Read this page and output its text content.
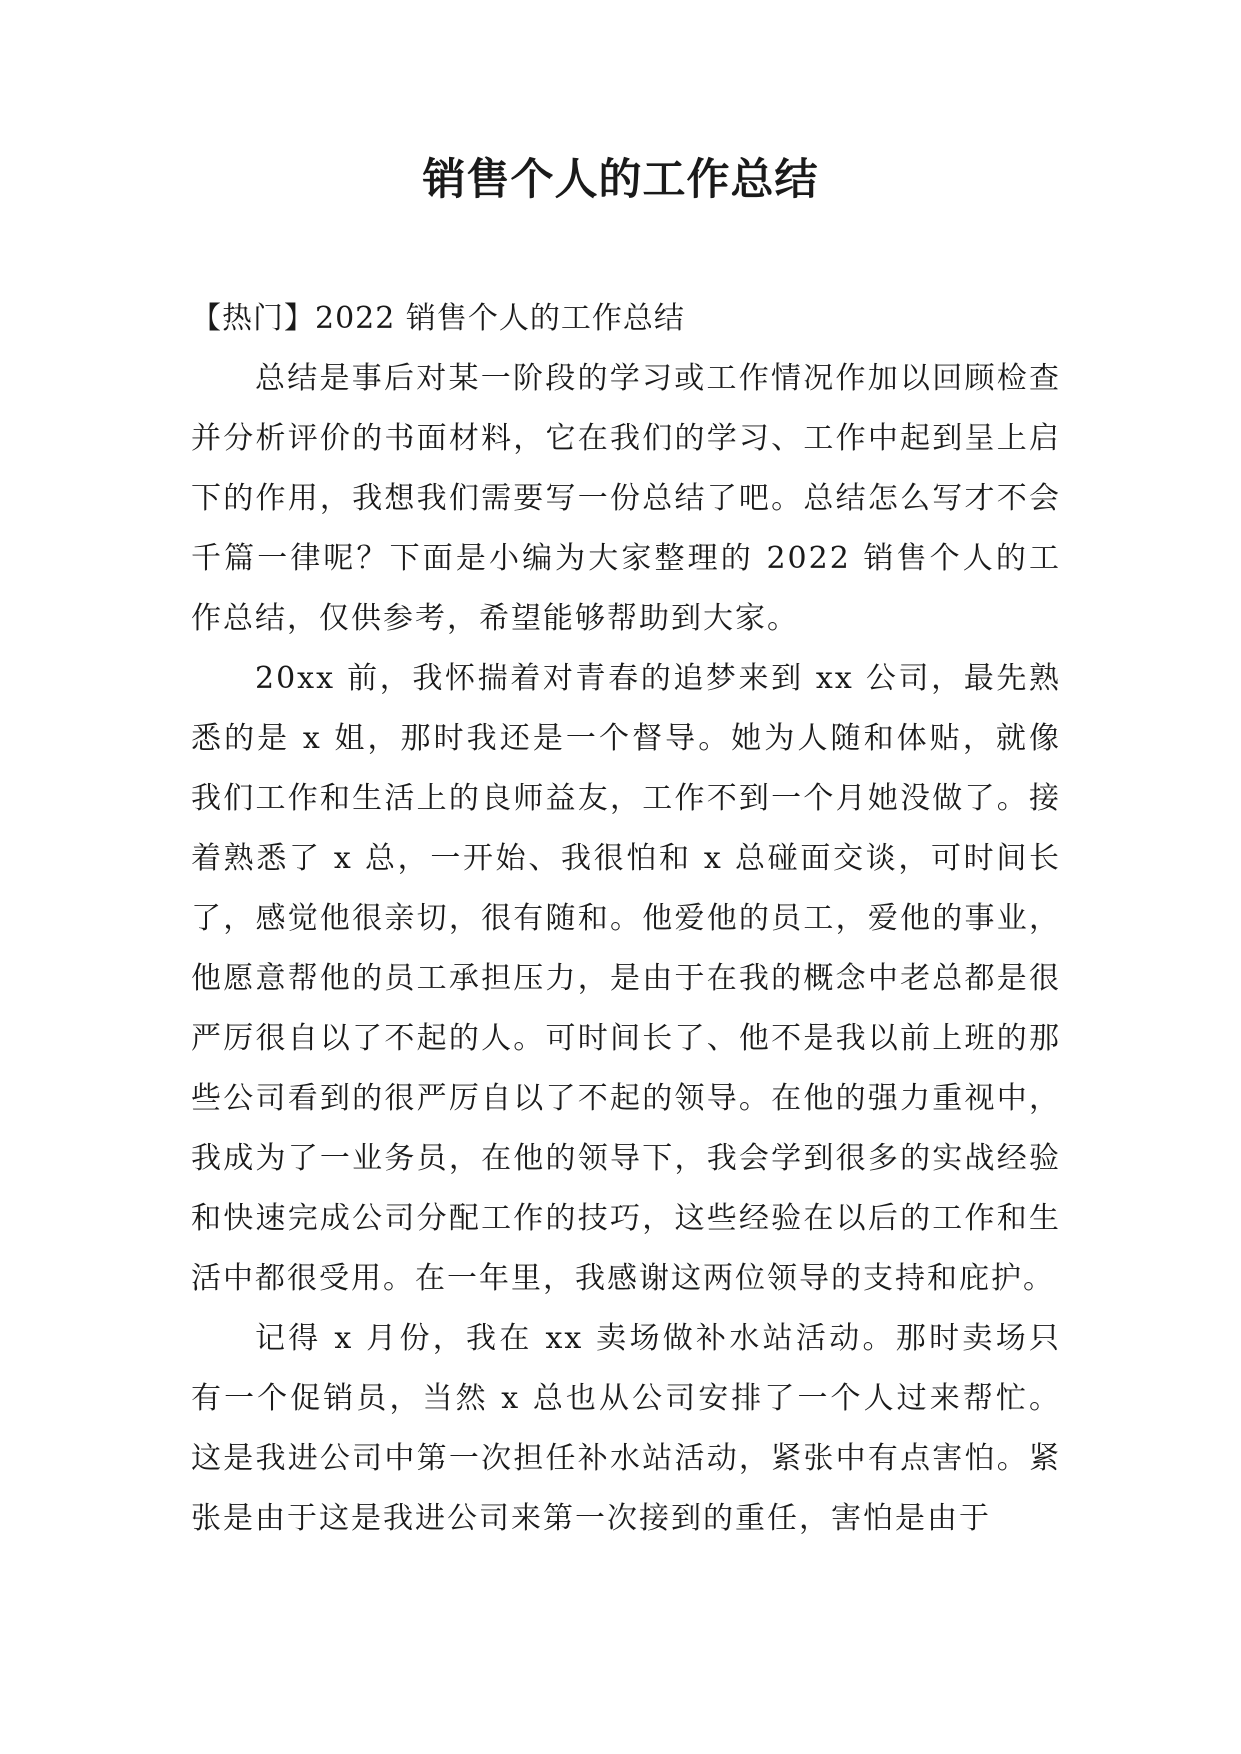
销售个人的工作总结

【热门】2022 销售个人的工作总结

总结是事后对某一阶段的学习或工作情况作加以回顾检查并分析评价的书面材料，它在我们的学习、工作中起到呈上启下的作用，我想我们需要写一份总结了吧。总结怎么写才不会千篇一律呢？下面是小编为大家整理的 2022 销售个人的工作总结，仅供参考，希望能够帮助到大家。

20xx 前，我怀揣着对青春的追梦来到 xx 公司，最先熟悉的是 x 姐，那时我还是一个督导。她为人随和体贴，就像我们工作和生活上的良师益友，工作不到一个月她没做了。接着熟悉了 x 总，一开始、我很怕和 x 总碰面交谈，可时间长了，感觉他很亲切，很有随和。他爱他的员工，爱他的事业，他愿意帮他的员工承担压力，是由于在我的概念中老总都是很严厉很自以了不起的人。可时间长了、他不是我以前上班的那些公司看到的很严厉自以了不起的领导。在他的强力重视中，我成为了一业务员，在他的领导下，我会学到很多的实战经验和快速完成公司分配工作的技巧，这些经验在以后的工作和生活中都很受用。在一年里，我感谢这两位领导的支持和庇护。

记得 x 月份，我在 xx 卖场做补水站活动。那时卖场只有一个促销员，当然 x 总也从公司安排了一个人过来帮忙。这是我进公司中第一次担任补水站活动，紧张中有点害怕。紧张是由于这是我进公司来第一次接到的重任，害怕是由于
